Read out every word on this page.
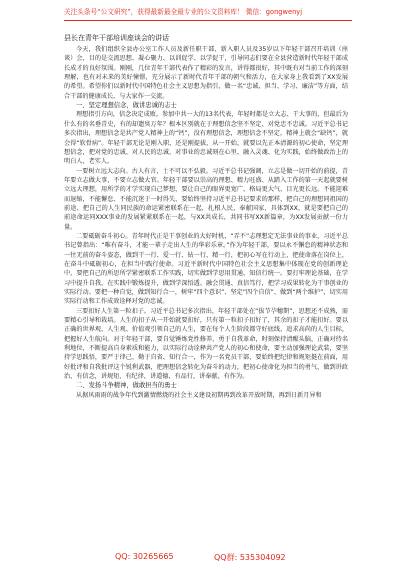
关注头条号“公文研究”，获得最新最全最专业的公文资料库！ 微信：gongwenyj
县长在青年干部培训座谈会的讲话

今天，我们组织全县办公室工作人员及新任职干部、新入职人员及35岁以下年轻干部召开培训（座谈）会，目的是交流思想、凝心聚力、以训促学、以学促干，引导同志们要在全县营造新时代年轻干部成长成才的良好氛围。刚刚，几位青年干部代表作了精彩的发言，讲得都很好，其中既有对当前工作的深刻理解，也有对未来的美好憧憬，充分展示了新时代青年干部的朝气和活力，在大家身上我看到了XX发展的希望。希望你们以新时代中国特色社会主义思想为指引，做一名“忠诚、担当、学习、廉洁”等方面，结合干部的健康成长，与大家作一交流。

一、坚定理想信念，做讲忠诚的志士

理想指引方向，信念决定成败。参加中共一大的13名代表，年轻时都是立大志、干大事的，但最后为什么有的名垂青史，有的却遗臭万年？根本区别就在于理想信念坚不坚定、对党忠不忠诚。习近平总书记多次指出，理想信念是共产党人精神上的“钙”，没有理想信念，理想信念不坚定，精神上就会“缺钙”，就会得“软骨病”。年轻干部无论是刚入职、还是刚提拔，从一开始，就要以先正本清源的初心使命，坚定理想信念，把对党的忠诚、对人民的忠诚、对事业的忠诚刻在心里、融入灵魂、化为实践，始终做政治上的明白人、老实人。

一要树立远大志向。古人有言，士不可以不弘毅。习近平总书记强调，立志是做一切开始的前提，青年要立志做大事，不要立志做大官。年轻干部要以崇高的理想、精力旺盛、从踏入工作的第一天起就要树立远大理想，用所学的才学实现自己梦想，要让自己的眼界更宽广、格局更大气、目光更长远。不能迎难而退缩，不能懈怠、不能沉迷于一时得失，要始终坚持习近平总书记要求的那样，把自己的理想同祖国的前途、把自己的人生同民族的命运紧密联系在一起，扎根人民、奉献国家，具体到XX，就是要把自己的前途命运同XXX事业的发展紧紧联系在一起，与XX共成长，共同书写XX新篇章，为XX发展贡献一份力量。

二要砥砺奋斗初心。青年时代正是干事创业的大好时机，“弄不”志理想定无法事业的事业，习近平总书记曾指出：“唯有奋斗，才能一辈子走出人生的华彩乐章。”作为年轻干部，要以永不懈怠的精神状态和一往无前的奋斗姿态，做到干一行、爱一行、钻一行、精一行，把初心写在行动上、把使命落在岗位上，在奋斗中砥砺初心，在担当中践行使命。习近平新时代中国特色社会主义思想集中体现在党的创新理论中，要把自己的所思所学紧密联系工作实践，切实做到学思用贯通、知信行统一。要打牢理论基础，在学习中提升自我、在实践中锻炼提升，做到学深悟透、融会贯通、真信笃行，把学习成果转化为干事创业的实际行动。要把一种自觉，做到知行合一，树牢“四个意识”、坚定“四个自信”、做到“两个维护”，切实用实际行动和工作成效诠释对党的忠诚。

三要扣好人生第一粒扣子。习近平总书记多次指出，年轻干部处在“拔节孕穗期”，思想还不成熟，需要精心引导和栽培。人生的扣子从一开始就要扣好，只有第一粒扣子扣好了，其余的扣子才能扣好。要以正确的世界观、人生观、价值观引领自己的人生，要在每个人生阶段都守好底线，追求高尚的人生目标，把握好人生航向。对于年轻干部，要自觉锤炼党性修养，勇于自我革命，时刻保持清醒头脑，正确对待名利地位，不断提高自身素质和能力，以实际行动诠释共产党人的初心和使命，要主动加强理论武装，要坚持学思践悟，要严于律己、勤于自省、知行合一，作为一名党员干部，要始终把纪律和规矩挺在前面，用好批评和自我批评这个锐利武器，把理想信念转化为奋斗的动力，把初心使命化为担当的勇气，做到讲政治、有信念，讲规矩、有纪律，讲道德、有品行，讲奉献、有作为。

二、发扬斗争精神，做敢担当的勇士

从据风雨雨的战争年代到激情燃烧的社会主义建设初期再到改革开放时期，再到日新月异和

QQ: 30265665	QQ群: 535304092
